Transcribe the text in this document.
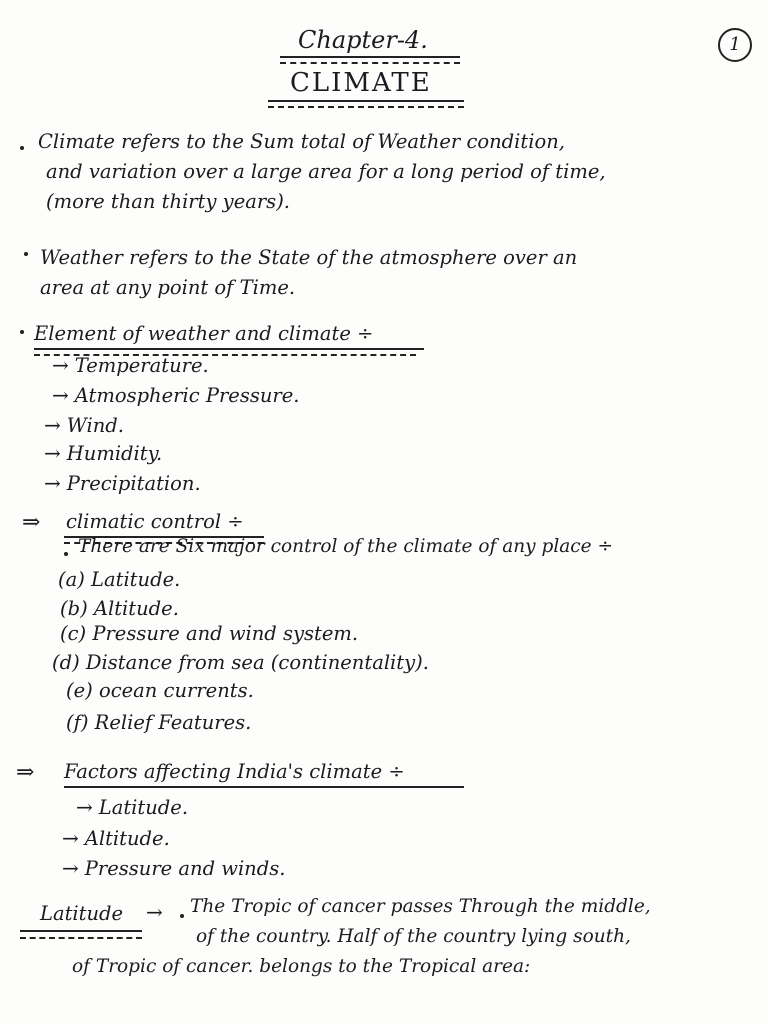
Chapter-4.
CLIMATE
1
Climate refers to the Sum total of Weather condition,
and variation over a large area for a long period of time,
(more than thirty years).
Weather refers to the State of the atmosphere over an
area at any point of Time.
Element of weather and climate ÷
→ Temperature.
→ Atmospheric Pressure.
→ Wind.
→ Humidity.
→ Precipitation.
⇒ climatic control ÷
There are Six major control of the climate of any place ÷
(a) Latitude.
(b) Altitude.
(c) Pressure and wind system.
(d) Distance from sea (continentality).
(e) ocean currents.
(f) Relief Features.
⇒ Factors affecting India's climate ÷
→ Latitude.
→ Altitude.
→ Pressure and winds.
Latitude → The Tropic of cancer passes Through the middle,
of the country. Half of the country lying south,
of Tropic of cancer. belongs to the Tropical area:
